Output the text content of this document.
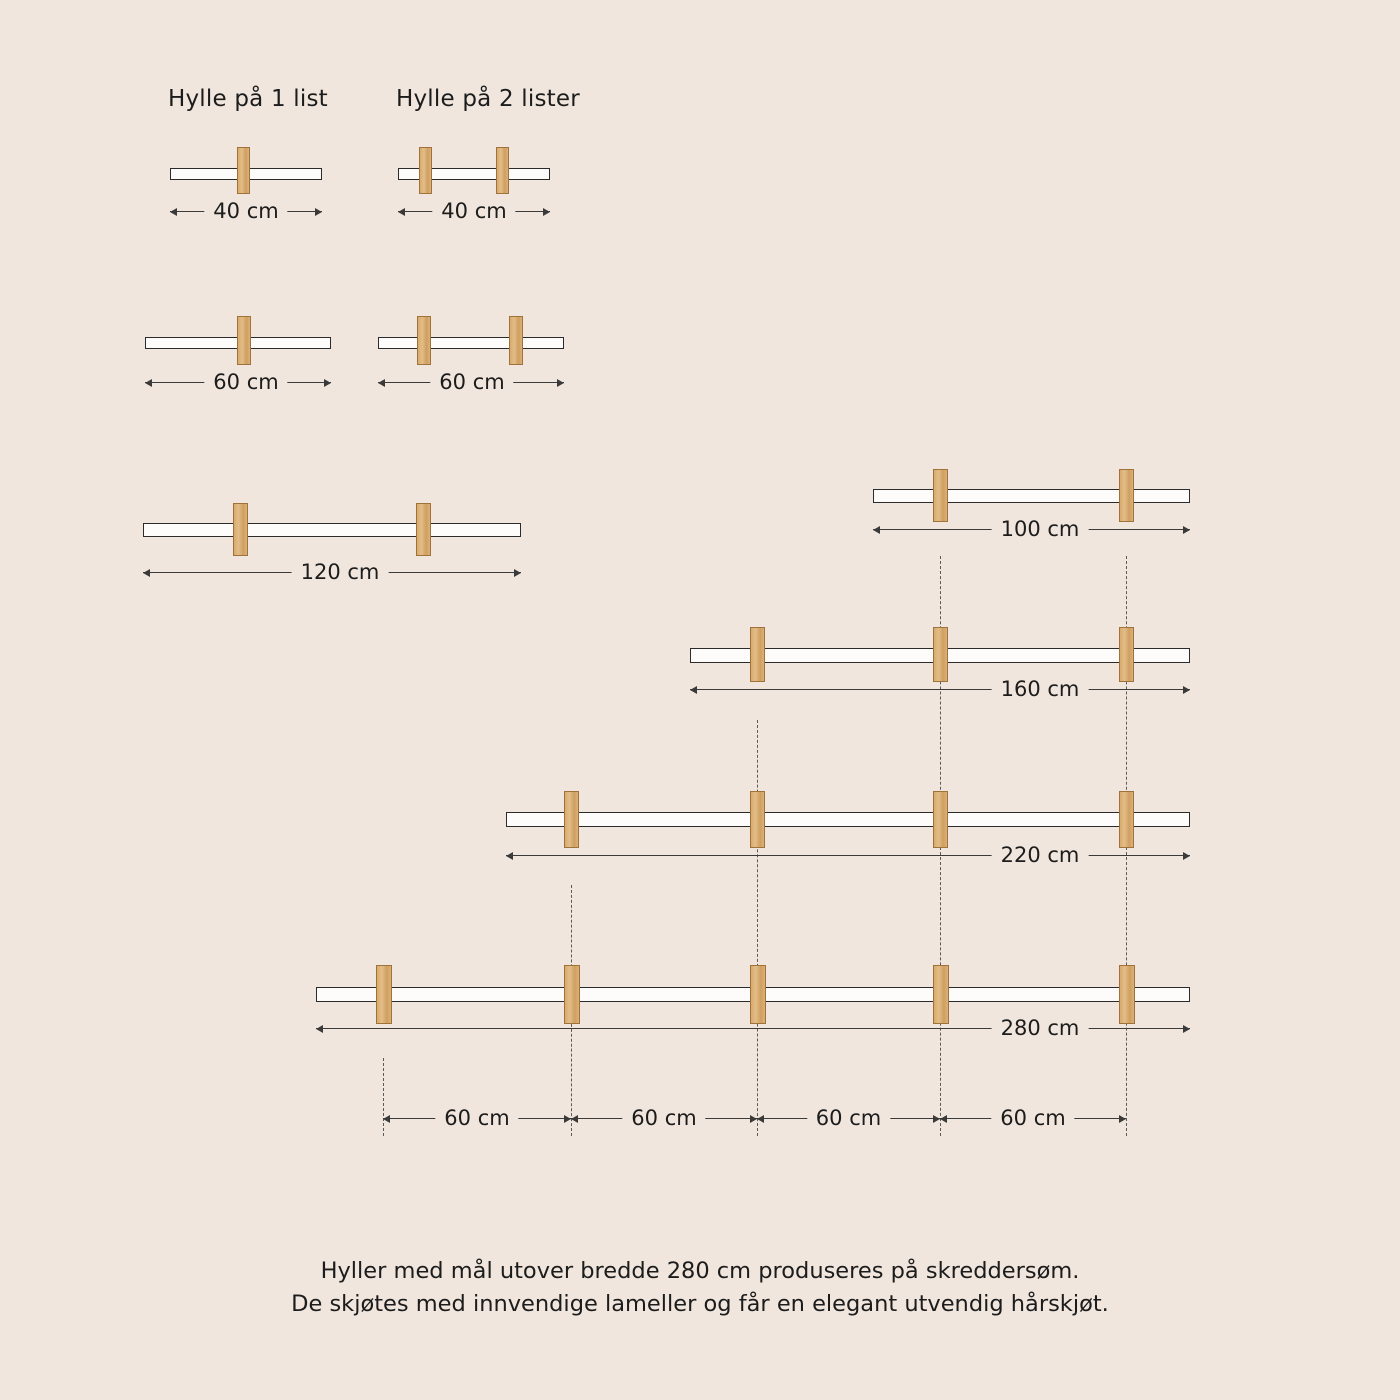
Hylle på 1 list	Hylle på 2 lister
40 cm	40 cm
60 cm	60 cm
120 cm
100 cm
160 cm
220 cm
280 cm
60 cm	60 cm	60 cm	60 cm
Hyller med mål utover bredde 280 cm produseres på skreddersøm.
De skjøtes med innvendige lameller og får en elegant utvendig hårskjøt.
